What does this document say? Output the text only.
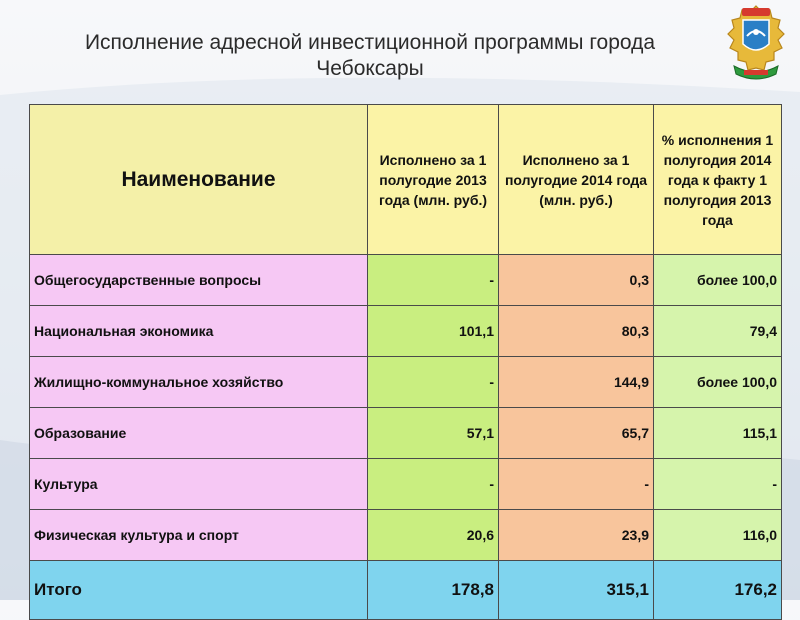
Исполнение адресной инвестиционной программы города Чебоксары
Наименование	Исполнено за 1 полугодие 2013 года (млн. руб.)	Исполнено за 1 полугодие 2014 года (млн. руб.)	% исполнения 1 полугодия 2014 года к факту 1 полугодия 2013 года
Общегосударственные вопросы	-	0,3	более 100,0
Национальная экономика	101,1	80,3	79,4
Жилищно-коммунальное хозяйство	-	144,9	более 100,0
Образование	57,1	65,7	115,1
Культура	-	-	-
Физическая культура и спорт	20,6	23,9	116,0
Итого	178,8	315,1	176,2
